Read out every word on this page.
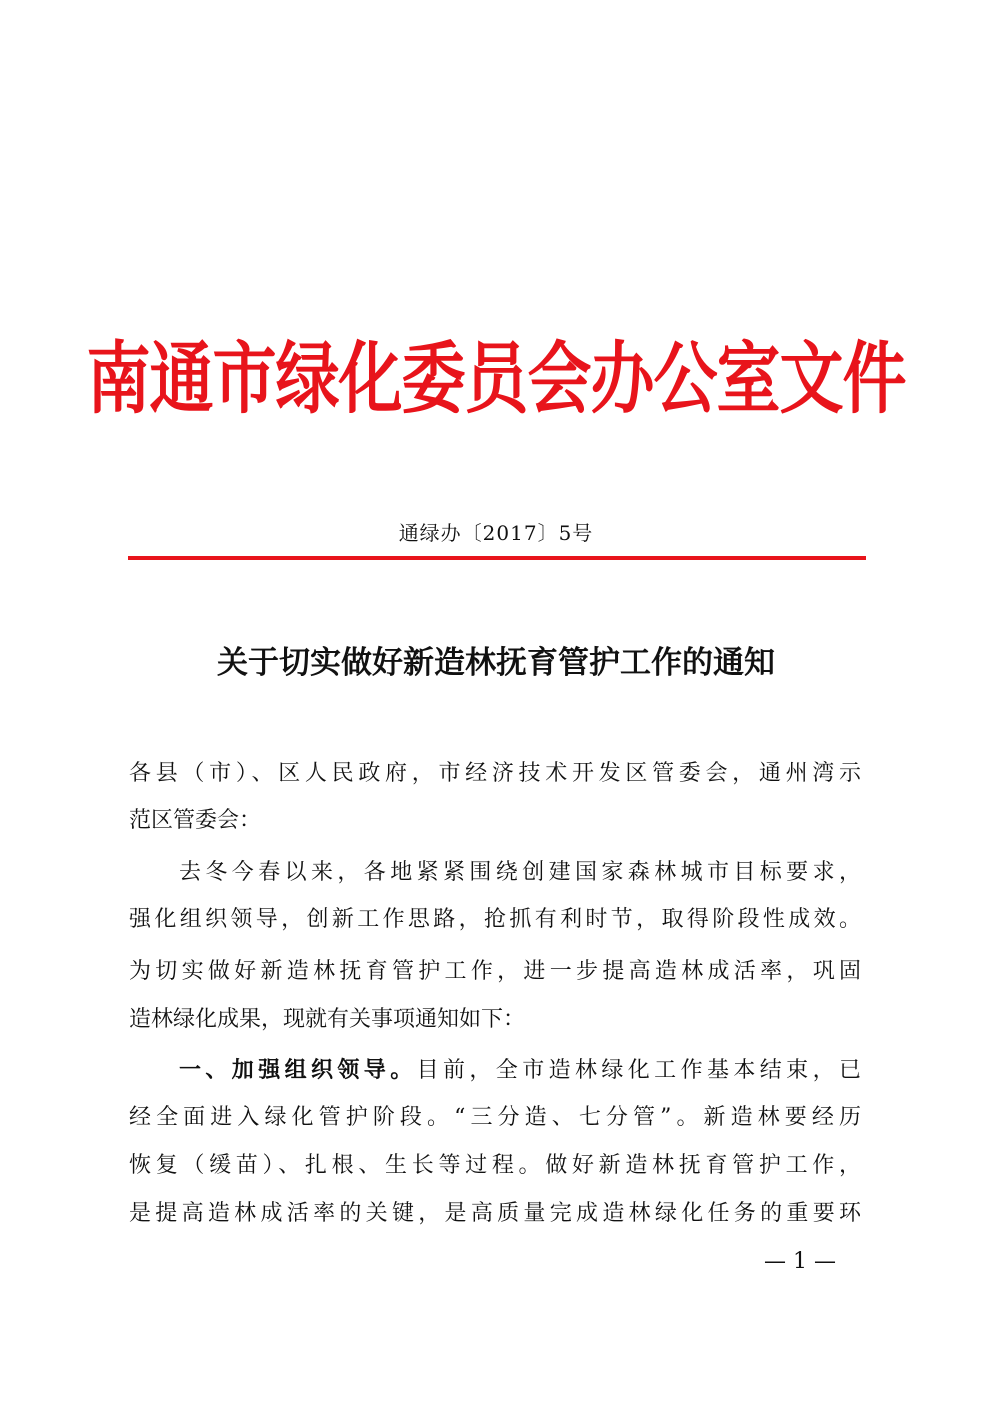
南通市绿化委员会办公室文件
通绿办〔2017〕5号
关于切实做好新造林抚育管护工作的通知
各县（市）、区人民政府，市经济技术开发区管委会，通州湾示
范区管委会：
去冬今春以来，各地紧紧围绕创建国家森林城市目标要求，
强化组织领导，创新工作思路，抢抓有利时节，取得阶段性成效。
为切实做好新造林抚育管护工作，进一步提高造林成活率，巩固
造林绿化成果，现就有关事项通知如下：
一、加强组织领导。目前，全市造林绿化工作基本结束，已
经全面进入绿化管护阶段。“三分造、七分管”。新造林要经历
恢复（缓苗）、扎根、生长等过程。做好新造林抚育管护工作，
是提高造林成活率的关键，是高质量完成造林绿化任务的重要环
— 1 —
